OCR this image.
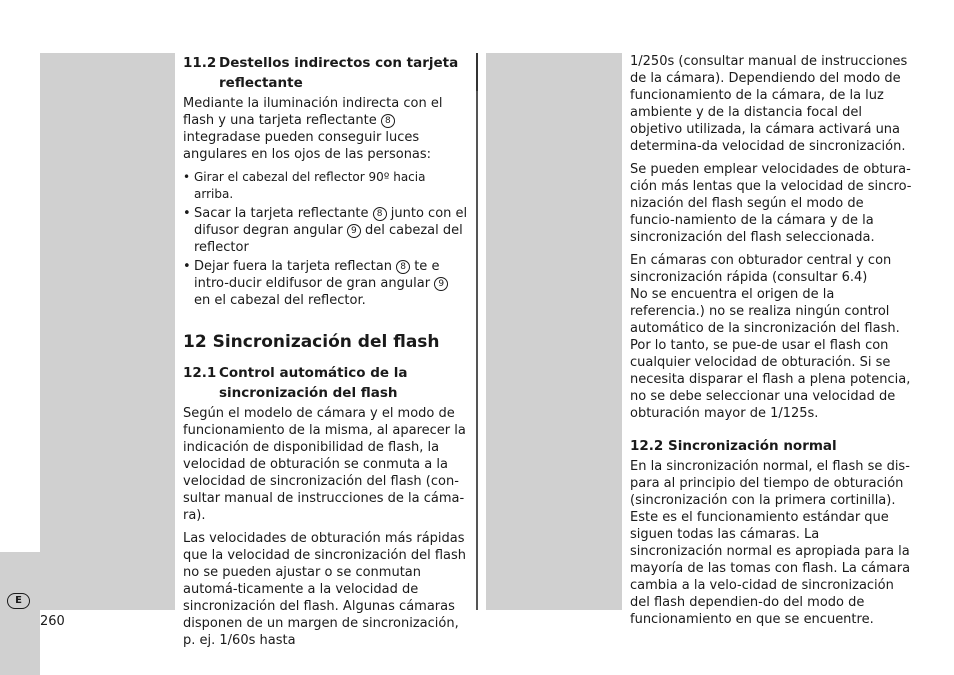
11.2 Destellos indirectos con tarjeta
reflectante

Mediante la iluminación indirecta con el flash y una tarjeta reflectante 8 integradase pueden conseguir luces angulares en los ojos de las personas:

• Girar el cabezal del reflector 90º hacia arriba.
• Sacar la tarjeta reflectante 8 junto con el difusor degran angular 9 del cabezal del reflector
• Dejar fuera la tarjeta reflectan 8 te e intro-ducir eldifusor de gran angular 9 en el cabezal del reflector.
12 Sincronización del flash
12.1 Control automático de la
sincronización del flash

Según el modelo de cámara y el modo de funcionamiento de la misma, al aparecer la indicación de disponibilidad de flash, la velocidad de obturación se conmuta a la velocidad de sincronización del flash (con-sultar manual de instrucciones de la cáma-ra).

Las velocidades de obturación más rápidas que la velocidad de sincronización del flash no se pueden ajustar o se conmutan automá-ticamente a la velocidad de sincronización del flash. Algunas cámaras disponen de un margen de sincronización, p. ej. 1/60s hasta

1/250s (consultar manual de instrucciones de la cámara). Dependiendo del modo de funcionamiento de la cámara, de la luz ambiente y de la distancia focal del objetivo utilizada, la cámara activará una determina-da velocidad de sincronización.

Se pueden emplear velocidades de obtura-ción más lentas que la velocidad de sincro-nización del flash según el modo de funcio-namiento de la cámara y de la sincronización del flash seleccionada.

En cámaras con obturador central y con sincronización rápida (consultar 6.4)
No se encuentra el origen de la referencia.) no se realiza ningún control automático de la sincronización del flash. Por lo tanto, se pue-de usar el flash con cualquier velocidad de obturación. Si se necesita disparar el flash a plena potencia, no se debe seleccionar una velocidad de obturación mayor de 1/125s.

12.2 Sincronización normal

En la sincronización normal, el flash se dis-para al principio del tiempo de obturación (sincronización con la primera cortinilla). Este es el funcionamiento estándar que siguen todas las cámaras. La sincronización normal es apropiada para la mayoría de las tomas con flash. La cámara cambia a la velo-cidad de sincronización del flash dependien-do del modo de funcionamiento en que se encuentre.

E
260
